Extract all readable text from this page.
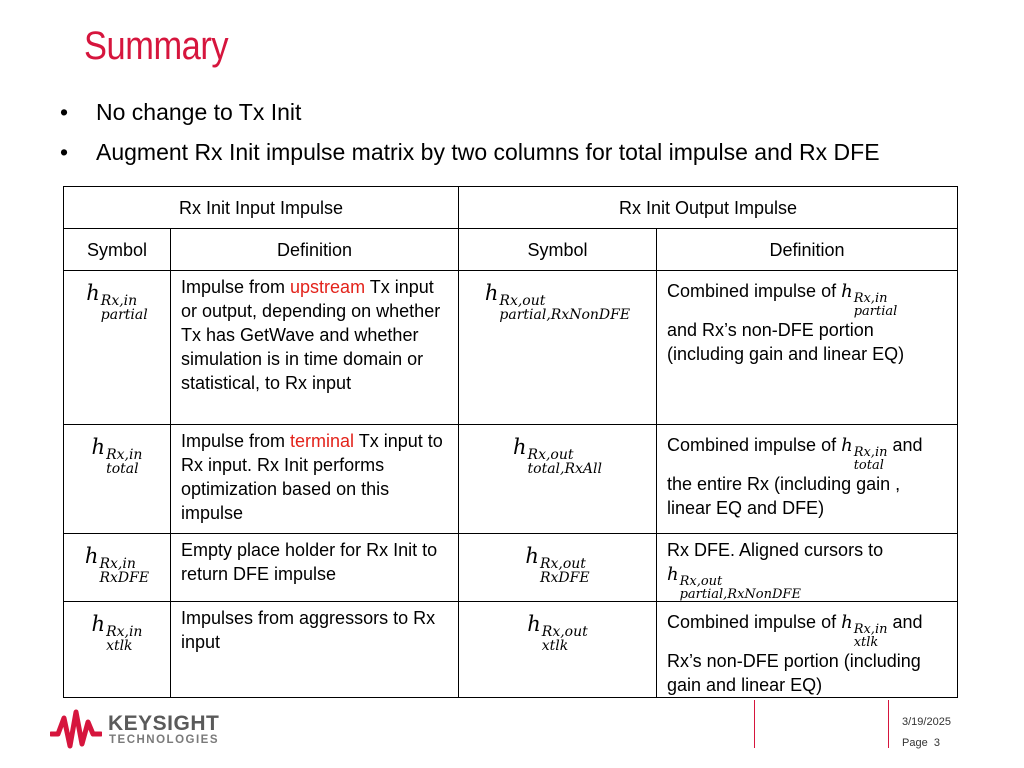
Summary
• No change to Tx Init
• Augment Rx Init impulse matrix by two columns for total impulse and Rx DFE
Rx Init Input Impulse		Rx Init Output Impulse	
Symbol	Definition	Symbol	Definition
h Rx,in
partial	Impulse from upstream Tx input or output, depending on whether Tx has GetWave and whether simulation is in time domain or statistical, to Rx input	h Rx,out
partial,RxNonDFE	Combined impulse of h Rx,in
partial

and Rx’s non-DFE portion (including gain and linear EQ)
h Rx,in
total	Impulse from terminal Tx input to Rx input. Rx Init performs optimization based on this impulse	h Rx,out
total,RxAll	Combined impulse of h Rx,in
total
and the entire Rx (including gain , linear EQ and DFE)
h Rx,in
RxDFE	Empty place holder for Rx Init to return DFE impulse	h Rx,out
RxDFE	Rx DFE. Aligned cursors to
h Rx,out
partial,RxNonDFE

h Rx,in
xtlk	Impulses from aggressors to Rx input	h Rx,out
xtlk	Combined impulse of h Rx,in
xtlk
and Rx’s non-DFE portion (including gain and linear EQ)
KEYSIGHT
TECHNOLOGIES
3/19/2025
Page 3
